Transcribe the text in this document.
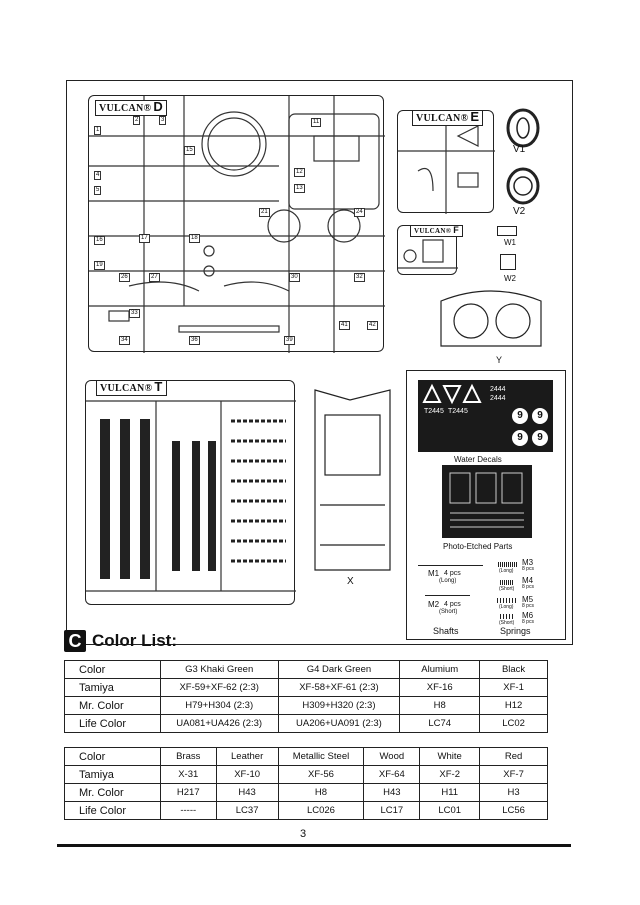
VULCAN® D
1
2	3
4
5
11
12
13
15
16	17	18
19
21	24
26	27	30	32
33
34	36	39
41	42
VULCAN® E
V1
V2
VULCAN® F
W1
W2
Y
VULCAN® T
X
2444
2444
T2445 T2445	9	9
9	9
Water Decals
Photo-Etched Parts
M1 4 pcs
(Long)
M2 4 pcs
(Short)
Shafts
M3
(Long) 8 pcs
M4
(Short) 8 pcs
M5
(Long) 8 pcs
M6
(Short) 8 pcs
Springs
C Color List:
Color	G3 Khaki Green	G4 Dark Green	Alumium	Black
Tamiya	XF-59+XF-62 (2:3)	XF-58+XF-61 (2:3)	XF-16	XF-1
Mr. Color	H79+H304 (2:3)	H309+H320 (2:3)	H8	H12
Life Color	UA081+UA426 (2:3)	UA206+UA091 (2:3)	LC74	LC02
Color	Brass	Leather	Metallic Steel	Wood	White	Red
Tamiya	X-31	XF-10	XF-56	XF-64	XF-2	XF-7
Mr. Color	H217	H43	H8	H43	H11	H3
Life Color	-----	LC37	LC026	LC17	LC01	LC56
3
